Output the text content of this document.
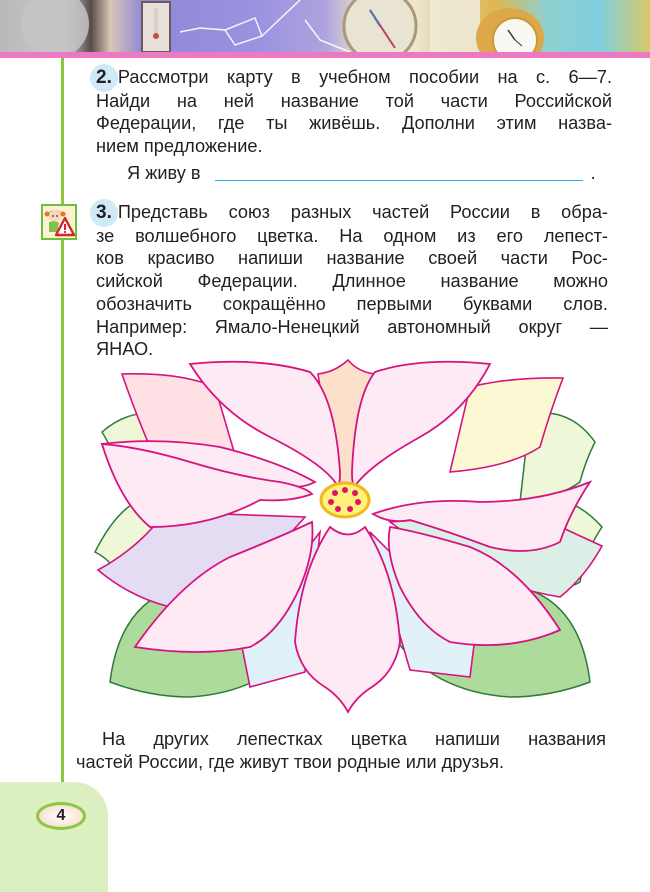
2. Рассмотри карту в учебном пособии на с. 6—7.
Найди на ней название той части Российской
Федерации, где ты живёшь. Дополни этим назва-
нием предложение.
Я живу в	.
3. Представь союз разных частей России в обра-
зе волшебного цветка. На одном из его лепест-
ков красиво напиши название своей части Рос-
сийской Федерации. Длинное название можно
обозначить сокращённо первыми буквами слов.
Например: Ямало-Ненецкий автономный округ —
ЯНАО.
На других лепестках цветка напиши названия
частей России, где живут твои родные или друзья.
4
